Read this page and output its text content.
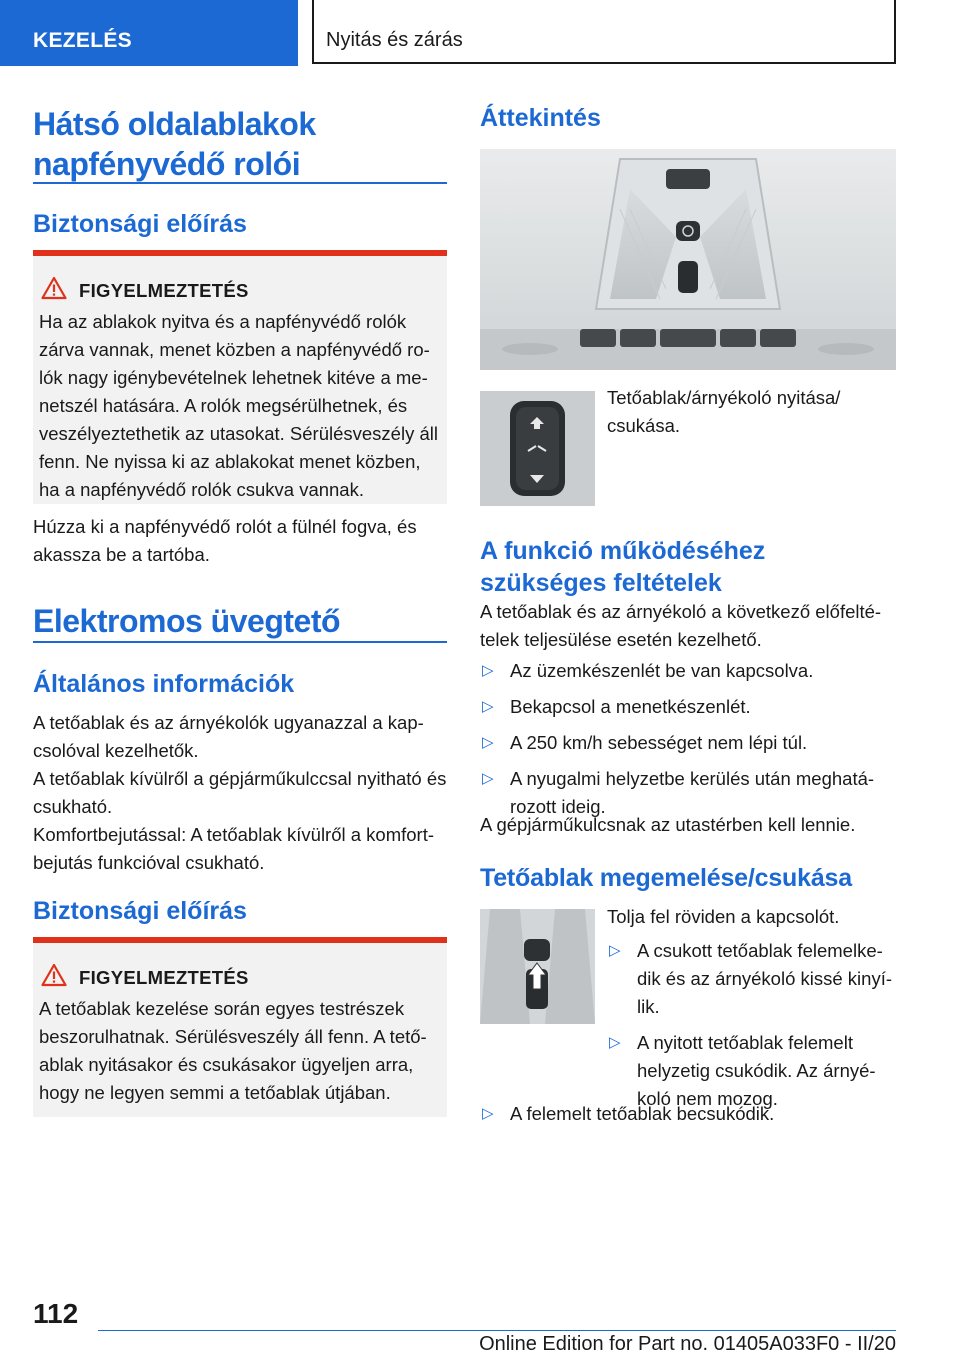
KEZELÉS	Nyitás és zárás
Hátsó oldalablakok
napfényvédő rolói
Biztonsági előírás
FIGYELMEZTETÉS
Ha az ablakok nyitva és a napfényvédő rolók zárva vannak, menet közben a napfényvédő rolók nagy igénybevételnek lehetnek kitéve a menetszél hatására. A rolók megsérülhetnek, és veszélyeztethetik az utasokat. Sérülésveszély áll fenn. Ne nyissa ki az ablakokat menet közben, ha a napfényvédő rolók csukva vannak.
Húzza ki a napfényvédő rolót a fülnél fogva, és akassza be a tartóba.
Elektromos üvegtető
Általános információk
A tetőablak és az árnyékolók ugyanazzal a kapcsolóval kezelhetők.
A tetőablak kívülről a gépjárműkulccsal nyitható és csukható.
Komfortbejutással: A tetőablak kívülről a komfortbejutás funkcióval csukható.
Biztonsági előírás
FIGYELMEZTETÉS
A tetőablak kezelése során egyes testrészek beszorulhatnak. Sérülésveszély áll fenn. A tetőablak nyitásakor és csukásakor ügyeljen arra, hogy ne legyen semmi a tetőablak útjában.
Áttekintés
Tetőablak/árnyékoló nyitása/ csukása.
A funkció működéséhez
szükséges feltételek
A tetőablak és az árnyékoló a következő előfeltételek teljesülése esetén kezelhető.
▷ Az üzemkészenlét be van kapcsolva.
▷ Bekapcsol a menetkészenlét.
▷ A 250 km/h sebességet nem lépi túl.
▷ A nyugalmi helyzetbe kerülés után meghatározott ideig.
A gépjárműkulcsnak az utastérben kell lennie.
Tetőablak megemelése/csukása
Tolja fel röviden a kapcsolót.
▷ A csukott tetőablak felemelkedik és az árnyékoló kissé kinyílik.
▷ A nyitott tetőablak felemelt helyzetig csukódik. Az árnyékoló nem mozog.
▷ A felemelt tetőablak becsukódik.
112
Online Edition for Part no. 01405A033F0 - II/20
